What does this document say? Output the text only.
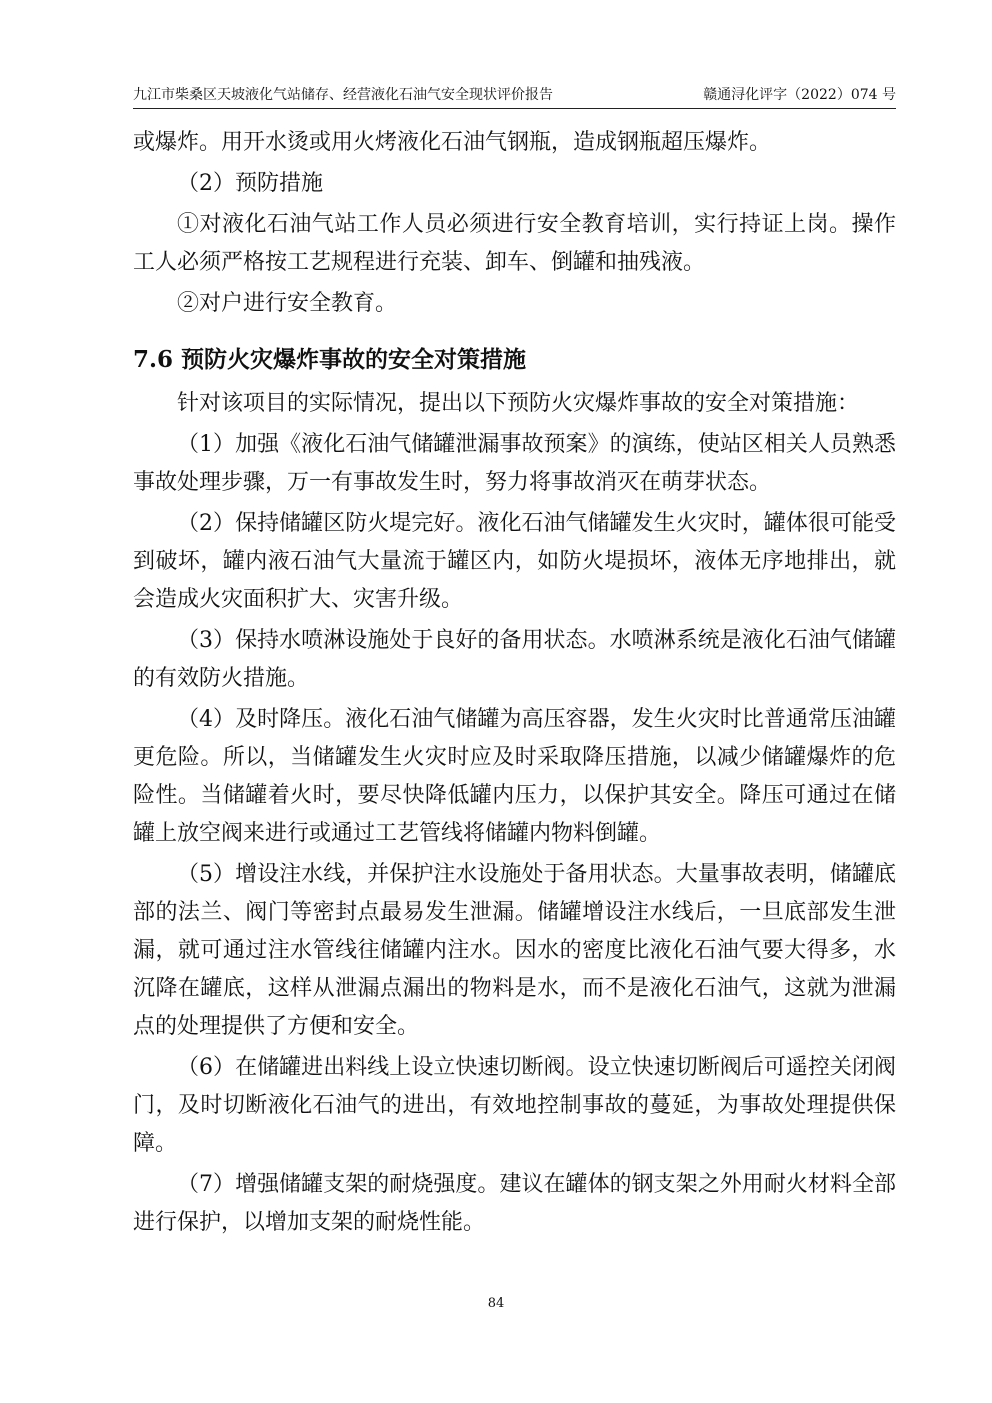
九江市柴桑区天坡液化气站储存、经营液化石油气安全现状评价报告	赣通浔化评字（2022）074 号

或爆炸。用开水烫或用火烤液化石油气钢瓶，造成钢瓶超压爆炸。

（2）预防措施

①对液化石油气站工作人员必须进行安全教育培训，实行持证上岗。操作工人必须严格按工艺规程进行充装、卸车、倒罐和抽残液。

②对户进行安全教育。

7.6 预防火灾爆炸事故的安全对策措施

针对该项目的实际情况，提出以下预防火灾爆炸事故的安全对策措施：

（1）加强《液化石油气储罐泄漏事故预案》的演练，使站区相关人员熟悉事故处理步骤，万一有事故发生时，努力将事故消灭在萌芽状态。

（2）保持储罐区防火堤完好。液化石油气储罐发生火灾时，罐体很可能受到破坏，罐内液石油气大量流于罐区内，如防火堤损坏，液体无序地排出，就会造成火灾面积扩大、灾害升级。

（3）保持水喷淋设施处于良好的备用状态。水喷淋系统是液化石油气储罐的有效防火措施。

（4）及时降压。液化石油气储罐为高压容器，发生火灾时比普通常压油罐更危险。所以，当储罐发生火灾时应及时采取降压措施，以减少储罐爆炸的危险性。当储罐着火时，要尽快降低罐内压力，以保护其安全。降压可通过在储罐上放空阀来进行或通过工艺管线将储罐内物料倒罐。

（5）增设注水线，并保护注水设施处于备用状态。大量事故表明，储罐底部的法兰、阀门等密封点最易发生泄漏。储罐增设注水线后，一旦底部发生泄漏，就可通过注水管线往储罐内注水。因水的密度比液化石油气要大得多，水沉降在罐底，这样从泄漏点漏出的物料是水，而不是液化石油气，这就为泄漏点的处理提供了方便和安全。

（6）在储罐进出料线上设立快速切断阀。设立快速切断阀后可遥控关闭阀门，及时切断液化石油气的进出，有效地控制事故的蔓延，为事故处理提供保障。

（7）增强储罐支架的耐烧强度。建议在罐体的钢支架之外用耐火材料全部进行保护，以增加支架的耐烧性能。

84
